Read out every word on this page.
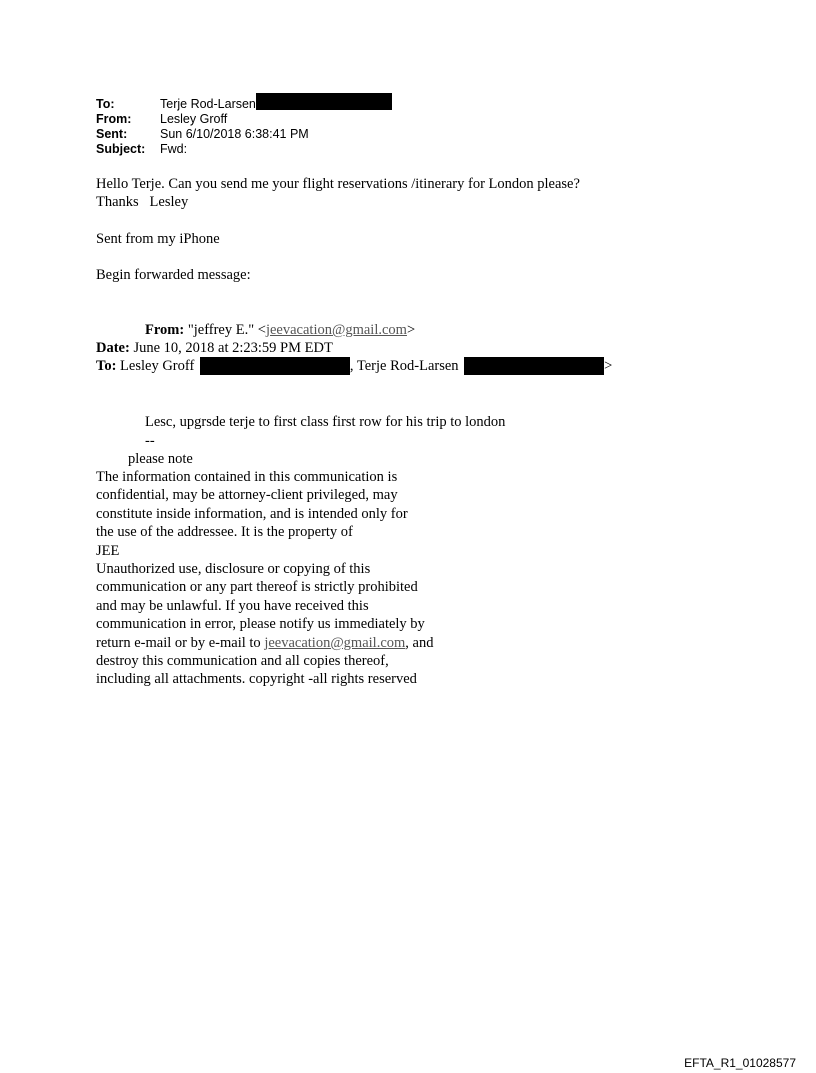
To:	Terje Rod-Larsen
From:	Lesley Groff
Sent:	Sun 6/10/2018 6:38:41 PM
Subject:	Fwd:
Hello Terje. Can you send me your flight reservations /itinerary for London please?
Thanks   Lesley
Sent from my iPhone
Begin forwarded message:
From: "jeffrey E." <jeevacation@gmail.com>
Date: June 10, 2018 at 2:23:59 PM EDT
To: Lesley Groff	, Terje Rod-Larsen	>
Lesc, upgrsde terje to first class first row for his trip to london
--
please note
The information contained in this communication is
confidential, may be attorney-client privileged, may
constitute inside information, and is intended only for
the use of the addressee. It is the property of
JEE
Unauthorized use, disclosure or copying of this
communication or any part thereof is strictly prohibited
and may be unlawful. If you have received this
communication in error, please notify us immediately by
return e-mail or by e-mail to jeevacation@gmail.com, and
destroy this communication and all copies thereof,
including all attachments. copyright -all rights reserved
EFTA_R1_01028577
